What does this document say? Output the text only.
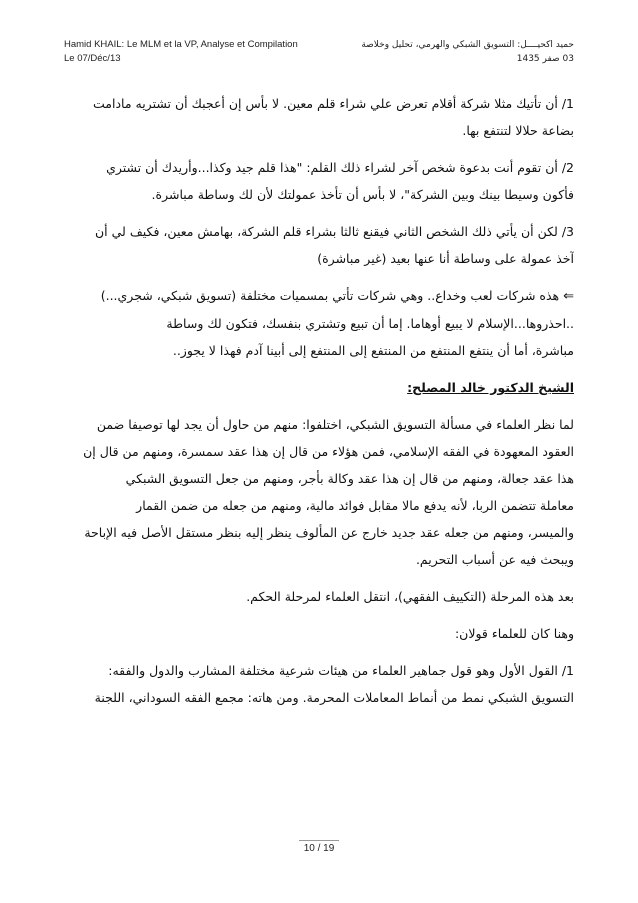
Hamid KHAIL: Le MLM et la VP, Analyse et Compilation
Le 07/Déc/13
حميد اكحيــــل: التسويق الشبكي والهرمي، تحليل وخلاصة
03 صفر 1435
1/ أن تأتيك مثلا شركة أقلام تعرض علي شراء قلم معين. لا بأس إن أعجبك أن تشتريه مادامت
بضاعة حلالا لتنتفع بها.
2/ أن تقوم أنت بدعوة شخص آخر لشراء ذلك القلم: "هذا قلم جيد وكذا...وأريدك أن تشتري
فأكون وسيطا بينك وبين الشركة"، لا بأس أن تأخذ عمولتك لأن لك وساطة مباشرة.
3/ لكن أن يأتي ذلك الشخص الثاني فيقنع ثالثا بشراء قلم الشركة، بهامش معين، فكيف لي أن
آخذ عمولة على وساطة أنا عنها بعيد (غير مباشرة)
⇐هذه شركات لعب وخداع.. وهي شركات تأتي بمسميات مختلفة (تسويق شبكي، شجري...)
..احذروها...الإسلام لا يبيع أوهاما. إما أن تبيع وتشتري بنفسك، فتكون لك وساطة
مباشرة، أما أن ينتفع المنتفع من المنتفع إلى المنتفع إلى أبينا آدم فهذا لا يجوز..
الشيخ الدكتور خالد المصلح:
لما نظر العلماء في مسألة التسويق الشبكي، اختلفوا: منهم من حاول أن يجد لها توصيفا ضمن
العقود المعهودة في الفقه الإسلامي، فمن هؤلاء من قال إن هذا عقد سمسرة، ومنهم من قال إن
هذا عقد جعالة، ومنهم من قال إن هذا عقد وكالة بأجر، ومنهم من جعل التسويق الشبكي
معاملة تتضمن الربا، لأنه يدفع مالا مقابل فوائد مالية، ومنهم من جعله من ضمن القمار
والميسر، ومنهم من جعله عقد جديد خارج عن المألوف ينظر إليه بنظر مستقل الأصل فيه الإباحة
ويبحث فيه عن أسباب التحريم.
بعد هذه المرحلة (التكييف الفقهي)، انتقل العلماء لمرحلة الحكم.
وهنا كان للعلماء قولان:
1/ القول الأول وهو قول جماهير العلماء من هيئات شرعية مختلفة المشارب والدول والفقه:
التسويق الشبكي نمط من أنماط المعاملات المحرمة. ومن هاته: مجمع الفقه السوداني، اللجنة
10 / 19
